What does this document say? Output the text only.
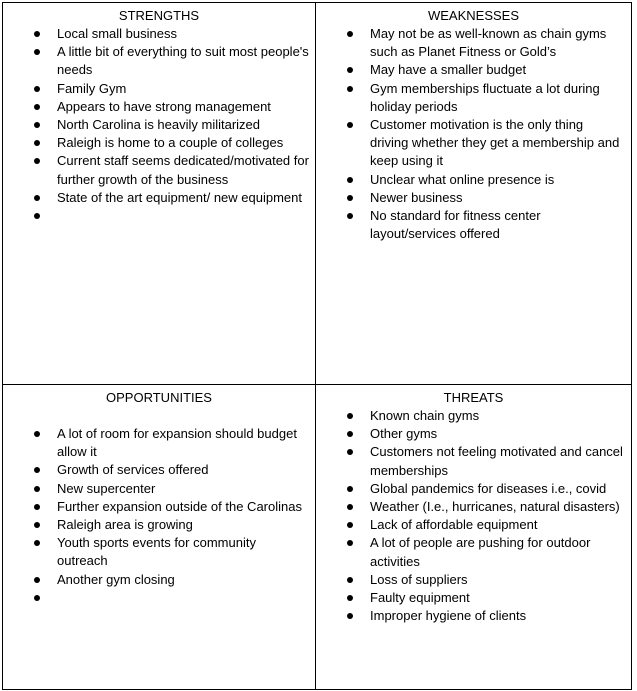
STRENGTHS
Local small business
A little bit of everything to suit most people's needs
Family Gym
Appears to have strong management
North Carolina is heavily militarized
Raleigh is home to a couple of colleges
Current staff seems dedicated/motivated for further growth of the business
State of the art equipment/ new equipment
WEAKNESSES
May not be as well-known as chain gyms such as Planet Fitness or Gold’s
May have a smaller budget
Gym memberships fluctuate a lot during holiday periods
Customer motivation is the only thing driving whether they get a membership and keep using it
Unclear what online presence is
Newer business
No standard for fitness center layout/services offered
OPPORTUNITIES
A lot of room for expansion should budget allow it
Growth of services offered
New supercenter
Further expansion outside of the Carolinas
Raleigh area is growing
Youth sports events for community outreach
Another gym closing
THREATS
Known chain gyms
Other gyms
Customers not feeling motivated and cancel memberships
Global pandemics for diseases i.e., covid
Weather (I.e., hurricanes, natural disasters)
Lack of affordable equipment
A lot of people are pushing for outdoor activities
Loss of suppliers
Faulty equipment
Improper hygiene of clients
